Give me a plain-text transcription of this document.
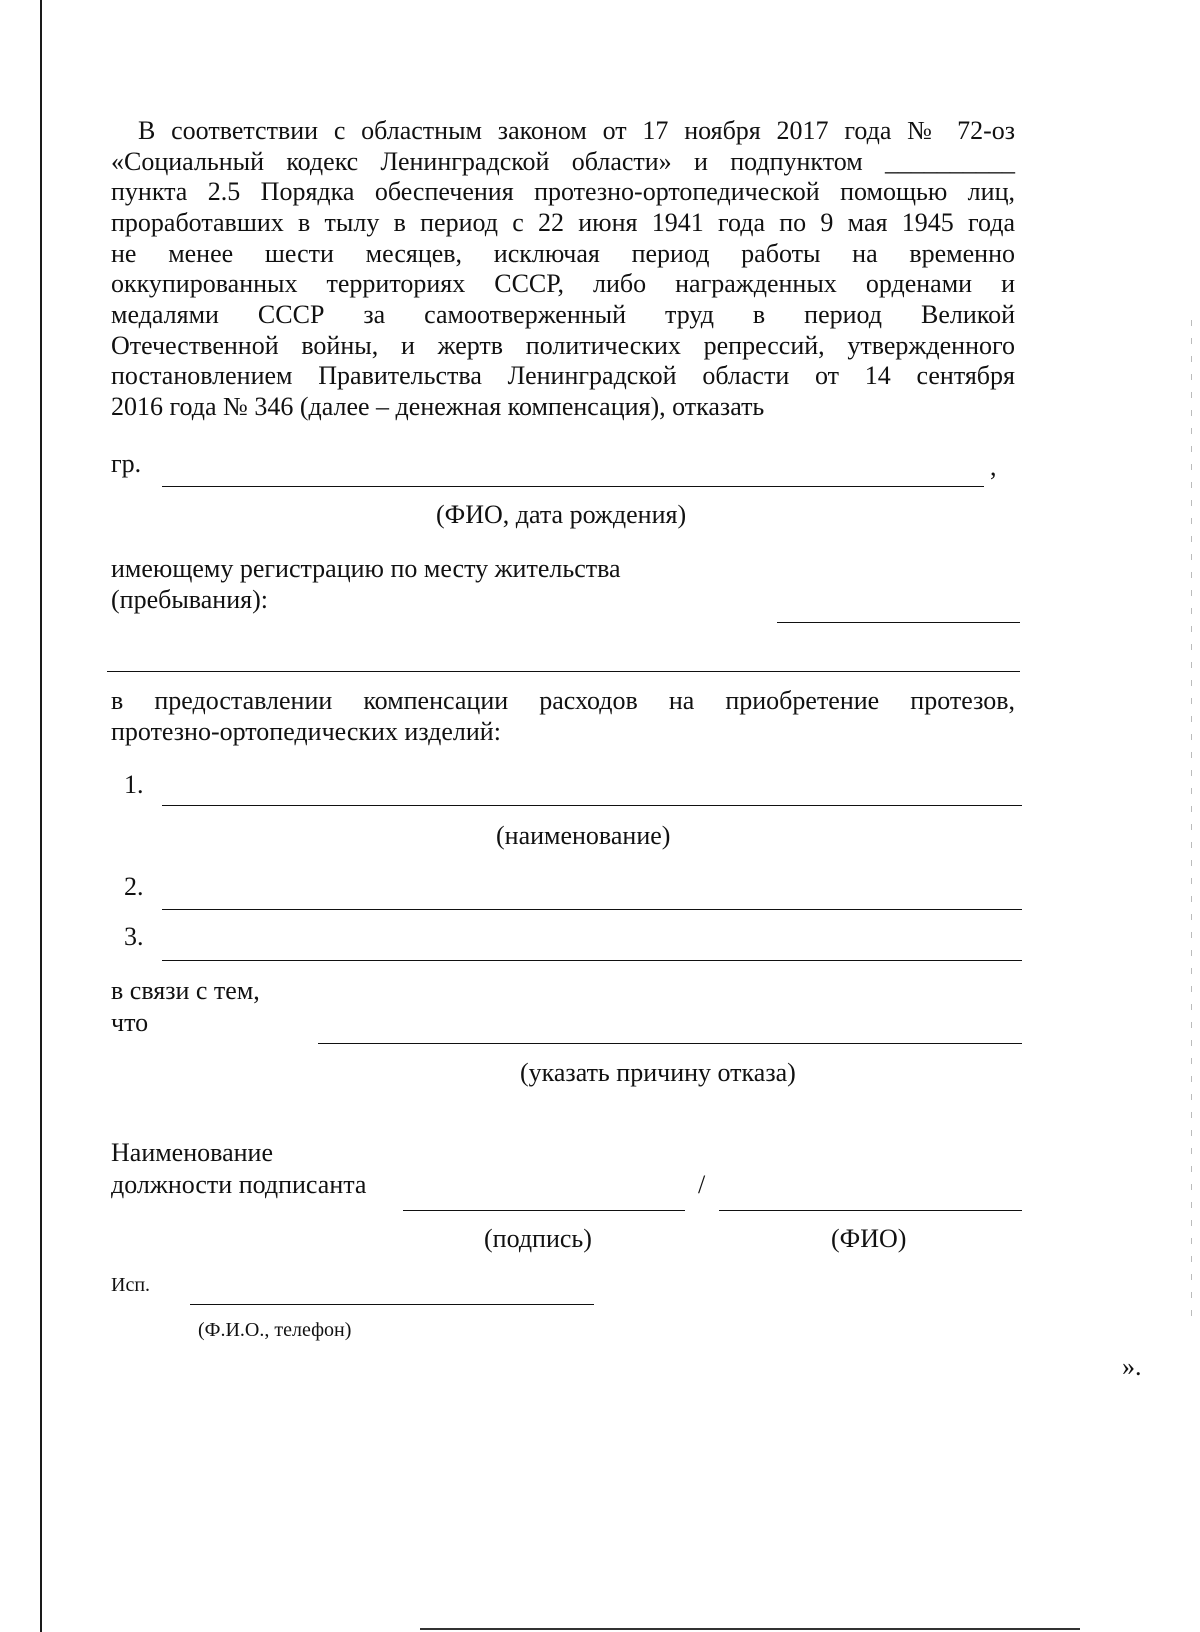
В соответствии с областным законом от 17 ноября 2017 года № 72-оз
«Социальный кодекс Ленинградской области» и подпунктом __________
пункта 2.5 Порядка обеспечения протезно-ортопедической помощью лиц,
проработавших в тылу в период с 22 июня 1941 года по 9 мая 1945 года
не менее шести месяцев, исключая период работы на временно
оккупированных территориях СССР, либо награжденных орденами и
медалями СССР за самоотверженный труд в период Великой
Отечественной войны, и жертв политических репрессий, утвержденного
постановлением Правительства Ленинградской области от 14 сентября
2016 года № 346 (далее – денежная компенсация), отказать
гр.	,
(ФИО, дата рождения)
имеющему регистрацию по месту жительства
(пребывания):
в предоставлении компенсации расходов на приобретение протезов,
протезно-ортопедических изделий:
1.
(наименование)
2.
3.
в связи с тем,
что
(указать причину отказа)
Наименование
должности подписанта	/
(подпись)	(ФИО)
Исп.
(Ф.И.О., телефон)
».
